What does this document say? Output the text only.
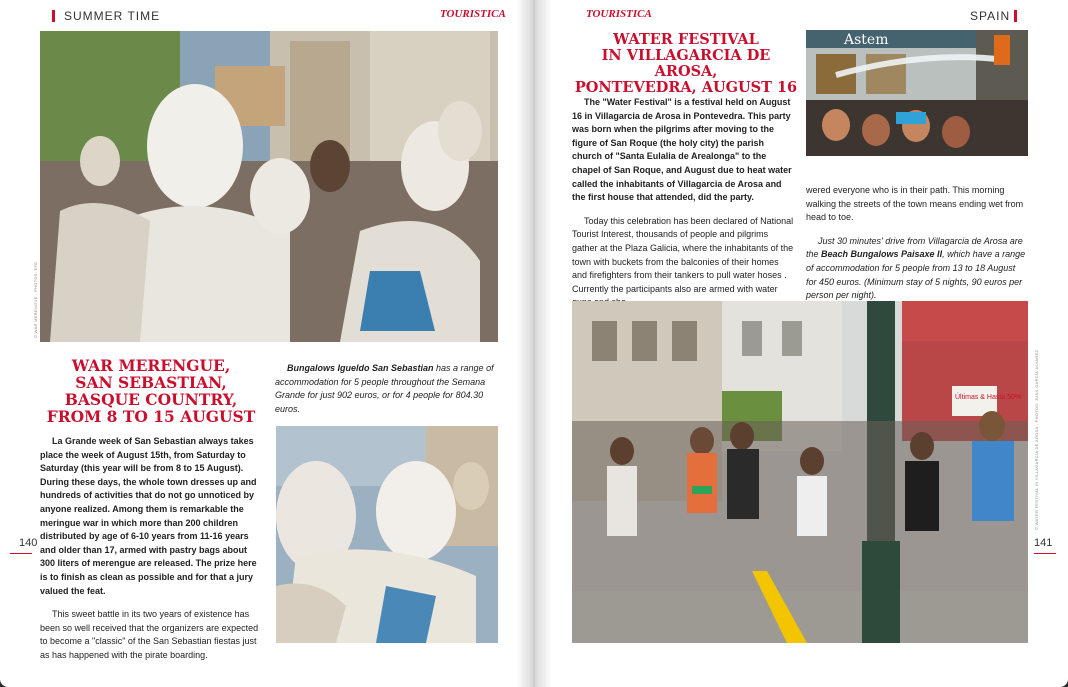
SUMMER TIME	TOURISTICA
© WAR MERENGUE - PHOTOS: EFE
WAR MERENGUE,
SAN SEBASTIAN,
BASQUE COUNTRY,
FROM 8 TO 15 AUGUST

La Grande week of San Sebastian always takes place the week of August 15th, from Saturday to Saturday (this year will be from 8 to 15 August). During these days, the whole town dresses up and hundreds of activities that do not go unnoticed by anyone realized. Among them is remarkable the meringue war in which more than 200 children distributed by age of 6-10 years from 11-16 years and older than 17, armed with pastry bags about 300 liters of merengue are released. The prize here is to finish as clean as possible and for that a jury valued the feat.

This sweet battle in its two years of existence has been so well received that the organizers are expected to become a "classic" of the San Sebastian fiestas just as has happened with the pirate boarding.

Bungalows Igueldo San Sebastian has a range of accommodation for 5 people throughout the Semana Grande for just 902 euros, or for 4 people for 804.30 euros.

140
TOURISTICA	SPAIN
WATER FESTIVAL
IN VILLAGARCIA DE AROSA,
PONTEVEDRA, AUGUST 16

The "Water Festival" is a festival held on August 16 in Villagarcia de Arosa in Pontevedra. This party was born when the pilgrims after moving to the figure of San Roque (the holy city) the parish church of "Santa Eulalia de Arealonga" to the chapel of San Roque, and August due to heat water called the inhabitants of Villagarcia de Arosa and the first house that attended, did the party.

Today this celebration has been declared of National Tourist Interest, thousands of people and pilgrims gather at the Plaza Galicia, where the inhabitants of the town with buckets from the balconies of their homes and firefighters from their tankers to pull water hoses . Currently the participants also are armed with water

Astem

wered everyone who is in their path. This morning walking the streets of the town means ending wet from head to toe.

Just 30 minutes' drive from Villagarcia de Arosa are the Beach Bungalows Paisaxe II, which have a range of accommodation for 5 people from 13 to 18 August for 450 euros. (Minimum stay of 5 nights, 90 euros per person per night).

Últimas & Hasta 50%	© WATER FESTIVAL IN VILLAGARCIA DE AROSA - PHOTOS: JUAN GARCÍA ÁLVAREZ
141
